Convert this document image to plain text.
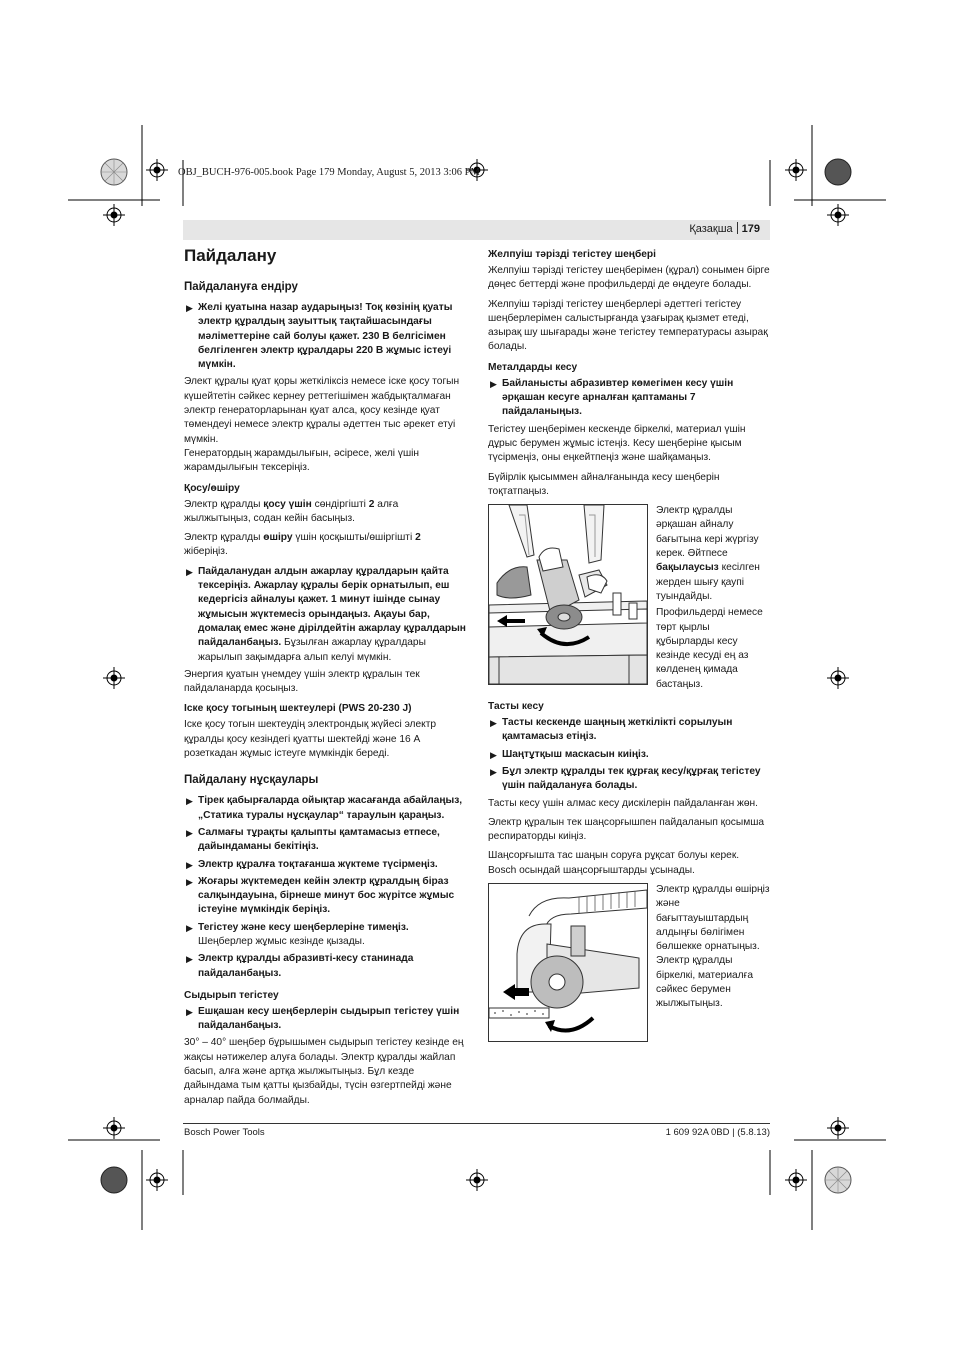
OBJ_BUCH-976-005.book Page 179 Monday, August 5, 2013 3:06 PM
Қазақша 179
Пайдалану
Пайдалануға ендіру
▶ Желі қуатына назар аударыңыз! Тоқ көзінің қуаты электр құралдың зауыттық тақтайшасындағы мәліметтеріне сай болуы қажет. 230 В белгісімен белгіленген электр құралдары 220 В жұмыс істеуі мүмкін.

Элект құралы қуат қоры жеткіліксіз немесе іске қосу тогын күшейтетін сәйкес кернеу реттегішімен жабдықталмаған электр генераторларынан қуат алса, қосу кезінде қуат төмендеуі немесе электр құралы әдеттен тыс әрекет етуі мүмкін.

Генератордың жарамдылығын, әсіресе, желі үшін жарамдылығын тексеріңіз.

Қосу/өшіру

Электр құралды қосу үшін сөндіргішті 2 алға жылжытыңыз, содан кейін басыңыз.

Электр құралды өшіру үшін қосқышты/өшіргішті 2 жіберіңіз.

▶ Пайдаланудан алдын ажарлау құралдарын қайта тексеріңіз. Ажарлау құралы берік орнатылып, еш кедергісіз айналуы қажет. 1 минут ішінде сынау жұмысын жүктемесіз орындаңыз. Ақауы бар, домалақ емес және дірілдейтін ажарлау құралдарын пайдаланбаңыз. Бұзылған ажарлау құралдары жарылып зақымдарға алып келуі мүмкін.

Энергия қуатын үнемдеу үшін электр құралын тек пайдаланарда қосыңыз.

Іске қосу тогының шектеулері (PWS 20-230 J)

Іске қосу тогын шектеудің электрондық жүйесі электр құралды қосу кезіндегі қуатты шектейді және 16 А розеткадан жұмыс істеуге мүмкіндік береді.

Пайдалану нұсқаулары
▶ Тірек қабырғаларда ойықтар жасағанда абайлаңыз, „Статика туралы нұсқаулар“ тараулын қараңыз.
▶ Салмағы тұрақты қалыпты қамтамасыз етпесе, дайындаманы бекітіңіз.
▶ Электр құралға тоқтағанша жүктеме түсірмеңіз.
▶ Жоғары жүктемеден кейін электр құралдың біраз салқындауына, бірнеше минут бос жүрітсе жұмыс істеуіне мүмкіндік беріңіз.
▶ Тегістеу және кесу шеңберлеріне тимеңіз.
Шеңберлер жұмыс кезінде қызады.
▶ Электр құралды абразивті-кесу станинада пайдаланбаңыз.
Сыдырып тегістеу
▶ Ешқашан кесу шеңберлерін сыдырып тегістеу үшін пайдаланбаңыз.

30° – 40° шеңбер бұрышымен сыдырып тегістеу кезінде ең жақсы нәтижелер алуға болады. Электр құралды жайлап басып, алға және артқа жылжытыңыз. Бұл кезде дайындама тым қатты қызбайды, түсін өзгертпейді және арналар пайда болмайды.

Желпуіш тәрізді тегістеу шеңбері

Желпуіш тәрізді тегістеу шеңберімен (құрал) сонымен бірге дөңес беттерді және профильдерді де өңдеуге болады.

Желпуіш тәрізді тегістеу шеңберлері әдеттегі тегістеу шеңберлерімен салыстырғанда ұзағырақ қызмет етеді, азырақ шу шығарады және тегістеу температурасы азырақ болады.

Металдарды кесу
▶ Байланысты абразивтер көмегімен кесу үшін әрқашан кесуге арналған қаптаманы 7 пайдаланыңыз.

Тегістеу шеңберімен кескенде біркелкі, материал үшін дұрыс берумен жұмыс істеңіз. Кесу шеңберіне қысым түсірмеңіз, оны еңкейтпеңіз және шайқамаңыз.

Бүйірлік қысыммен айналғанында кесу шеңберін тоқтатпаңыз.

Электр құралды әрқашан айналу бағытына кері жүргізу керек. Әйтпесе бақылаусыз кесілген жерден шығу қаупі туындайды.

Профильдерді немесе төрт қырлы құбырларды кесу кезінде кесуді ең аз көлденең қимада бастаңыз.

Тасты кесу
▶ Тасты кескенде шаңның жеткілікті сорылуын қамтамасыз етіңіз.
▶ Шаңтұтқыш маскасын киіңіз.
▶ Бұл электр құралды тек құрғақ кесу/құрғақ тегістеу үшін пайдалануға болады.

Тасты кесу үшін алмас кесу дискілерін пайдаланған жөн.

Электр құралын тек шаңсорғышпен пайдаланып қосымша респираторды киіңіз.

Шаңсорғышта тас шаңын соруға рұқсат болуы керек. Bosch осындай шаңсорғыштарды ұсынады.

Электр құралды өшірңіз және бағыттауыштардың алдыңғы бөлігімен бөлшекке орнатыңыз. Электр құралды біркелкі, материалға сәйкес берумен жылжытыңыз.
Bosch Power Tools	1 609 92A 0BD | (5.8.13)
